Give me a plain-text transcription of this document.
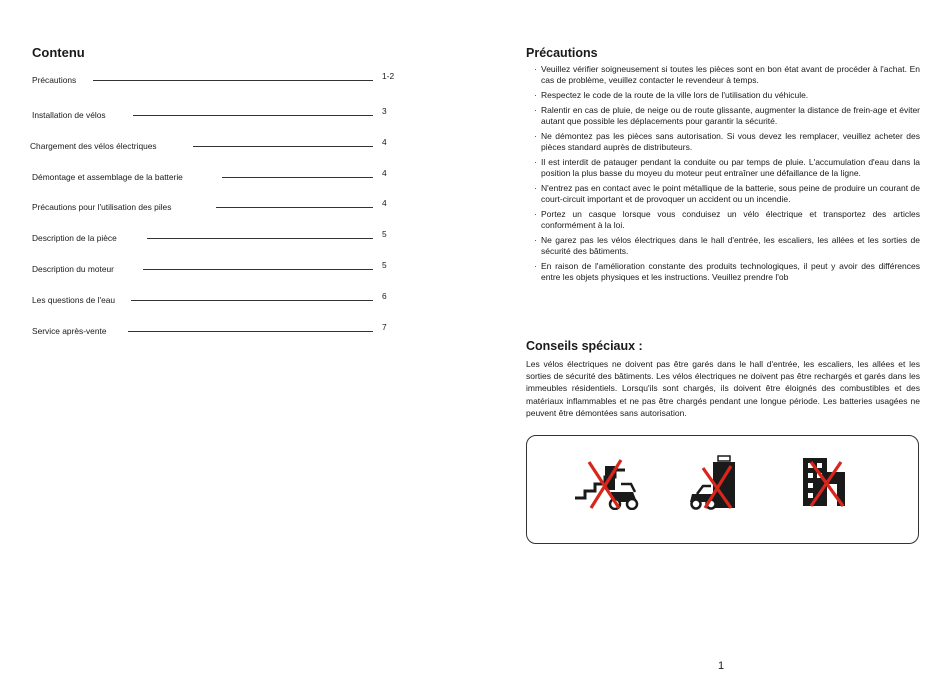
Contenu
Précautions	1-2
Installation de vélos	3
Chargement des vélos électriques	4
Démontage et assemblage de la batterie	4
Précautions pour l'utilisation des piles	4
Description de la pièce	5
Description du moteur	5
Les questions de l'eau	6
Service après-vente	7
Précautions
· Veuillez vérifier soigneusement si toutes les pièces sont en bon état avant de procéder à l'achat. En cas de problème, veuillez contacter le revendeur à temps.
· Respectez le code de la route de la ville lors de l'utilisation du véhicule.
· Ralentir en cas de pluie, de neige ou de route glissante, augmenter la distance de frein-age et éviter autant que possible les déplacements pour garantir la sécurité.
· Ne démontez pas les pièces sans autorisation. Si vous devez les remplacer, veuillez acheter des pièces standard auprès de distributeurs.
· Il est interdit de patauger pendant la conduite ou par temps de pluie. L'accumulation d'eau dans la position la plus basse du moyeu du moteur peut entraîner une défaillance de la ligne.
· N'entrez pas en contact avec le point métallique de la batterie, sous peine de produire un courant de court-circuit important et de provoquer un accident ou un incendie.
· Portez un casque lorsque vous conduisez un vélo électrique et transportez des articles conformément à la loi.
· Ne garez pas les vélos électriques dans le hall d'entrée, les escaliers, les allées et les sorties de sécurité des bâtiments.
· En raison de l'amélioration constante des produits technologiques, il peut y avoir des différences entre les objets physiques et les instructions. Veuillez prendre l'ob
Conseils spéciaux :

Les vélos électriques ne doivent pas être garés dans le hall d'entrée, les escaliers, les allées et les sorties de sécurité des bâtiments. Les vélos électriques ne doivent pas être rechargés et garés dans les immeubles résidentiels. Lorsqu'ils sont chargés, ils doivent être éloignés des combustibles et des matériaux inflammables et ne pas être chargés pendant une longue période. Les batteries usagées ne peuvent être démontées sans autorisation.

1
